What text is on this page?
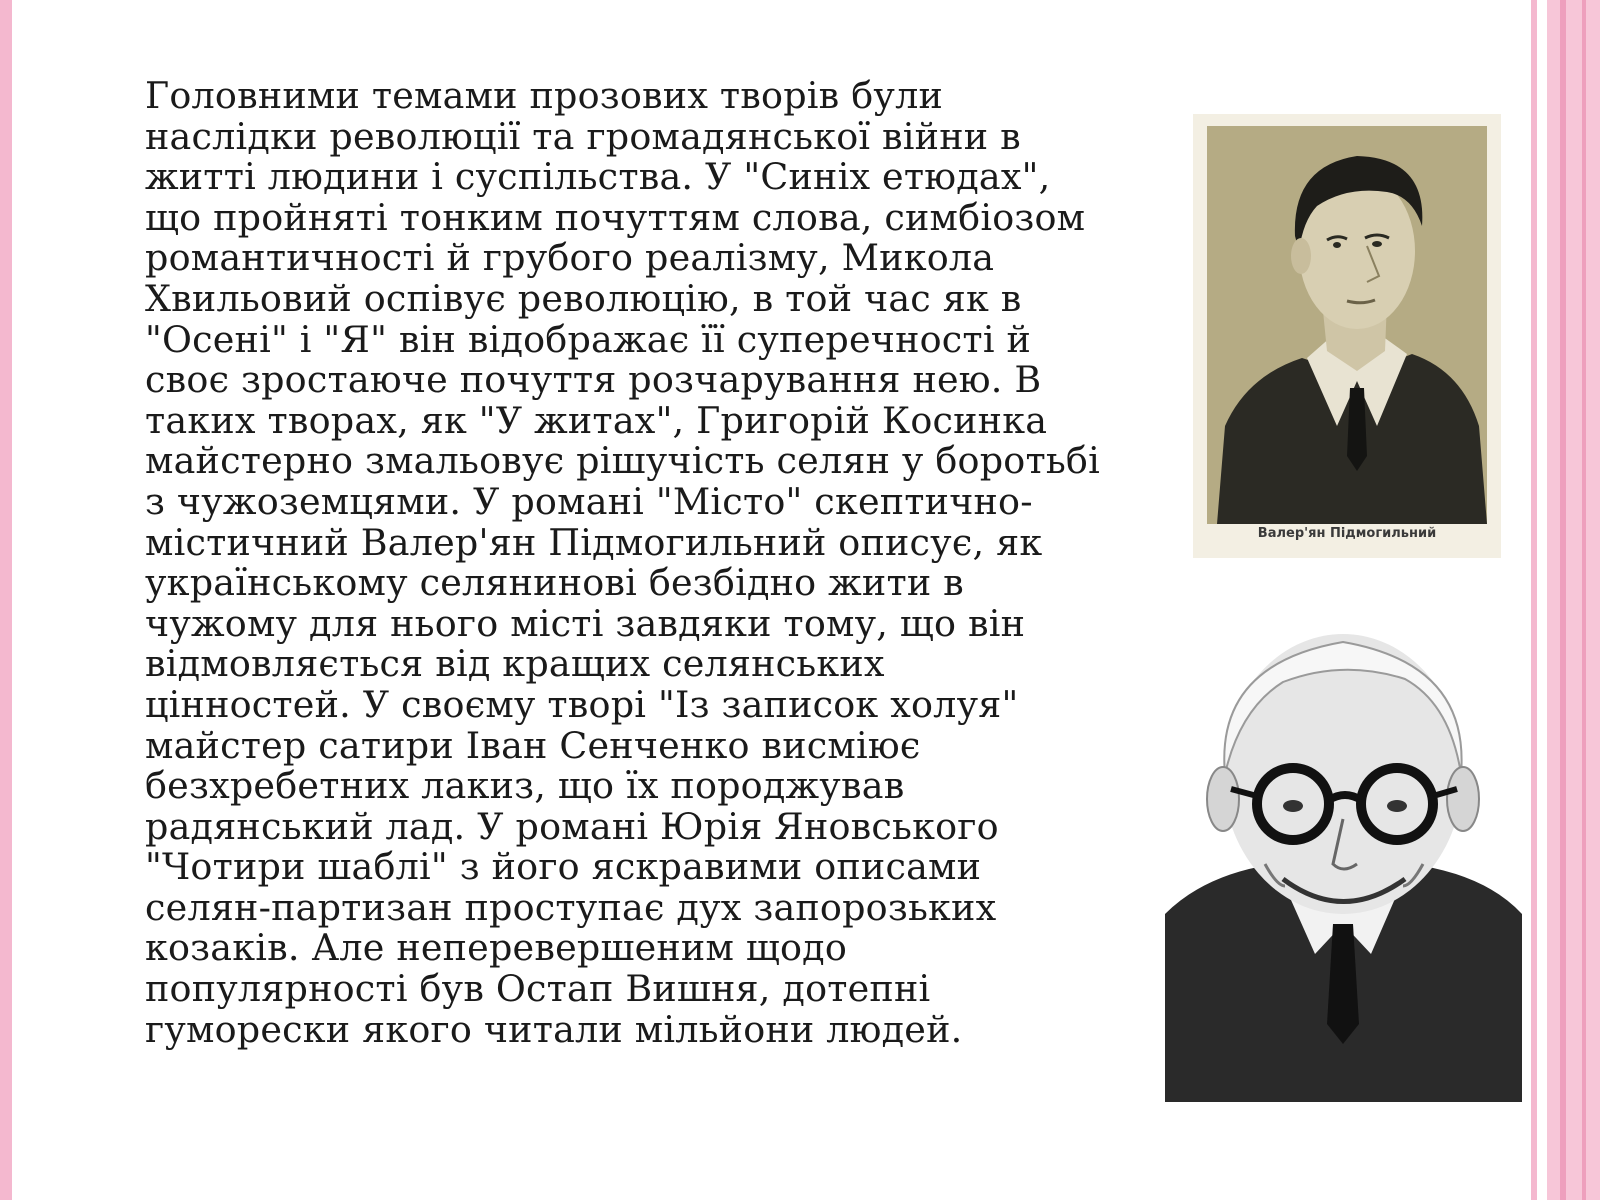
Головними темами прозових творів були
наслідки революції та громадянської війни в
житті людини і суспільства. У "Синіх етюдах",
що пройняті тонким почуттям слова, симбіозом
романтичності й грубого реалізму, Микола
Хвильовий оспівує революцію, в той час як в
"Осені" і "Я" він відображає її суперечності й
своє зростаюче почуття розчарування нею. В
таких творах, як "У житах", Григорій Косинка
майстерно змальовує рішучість селян у боротьбі
з чужоземцями. У романі "Місто" скептично-
містичний Валер'ян Підмогильний описує, як
українському селянинові безбідно жити в
чужому для нього місті завдяки тому, що він
відмовляється від кращих селянських
цінностей. У своєму творі "Із записок холуя"
майстер сатири Іван Сенченко висміює
безхребетних лакиз, що їх породжував
радянський лад. У романі Юрія Яновського
"Чотири шаблі" з його яскравими описами
селян-партизан проступає дух запорозьких
козаків. Але неперевершеним щодо
популярності був Остап Вишня, дотепні
гуморески якого читали мільйони людей.

Валер'ян Підмогильний
